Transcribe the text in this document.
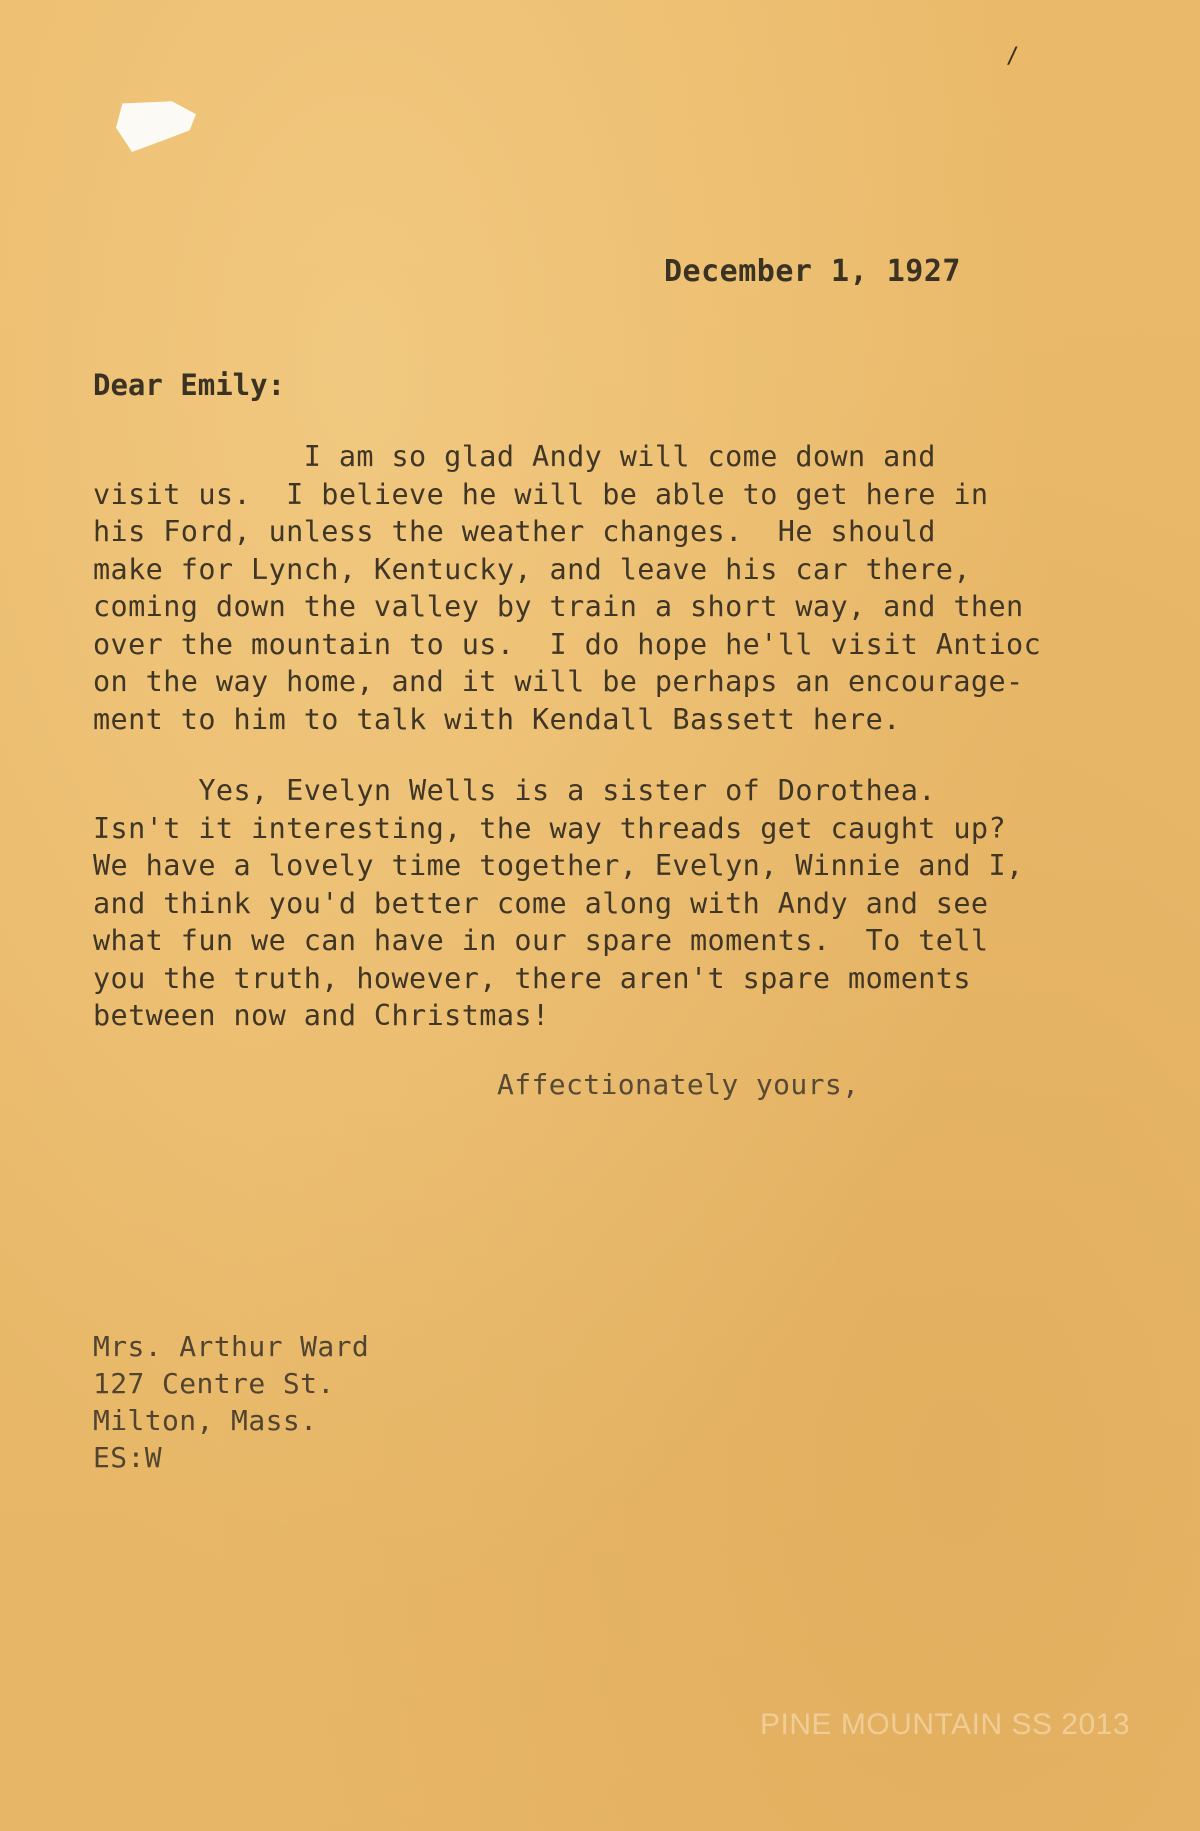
/
December 1, 1927
Dear Emily:
I am so glad Andy will come down and
visit us.  I believe he will be able to get here in
his Ford, unless the weather changes.  He should
make for Lynch, Kentucky, and leave his car there,
coming down the valley by train a short way, and then
over the mountain to us.  I do hope he'll visit Antioc
on the way home, and it will be perhaps an encourage-
ment to him to talk with Kendall Bassett here.
Yes, Evelyn Wells is a sister of Dorothea.
Isn't it interesting, the way threads get caught up?
We have a lovely time together, Evelyn, Winnie and I,
and think you'd better come along with Andy and see
what fun we can have in our spare moments.  To tell
you the truth, however, there aren't spare moments
between now and Christmas!
Affectionately yours,
Mrs. Arthur Ward
127 Centre St.
Milton, Mass.
ES:W
PINE MOUNTAIN SS 2013
